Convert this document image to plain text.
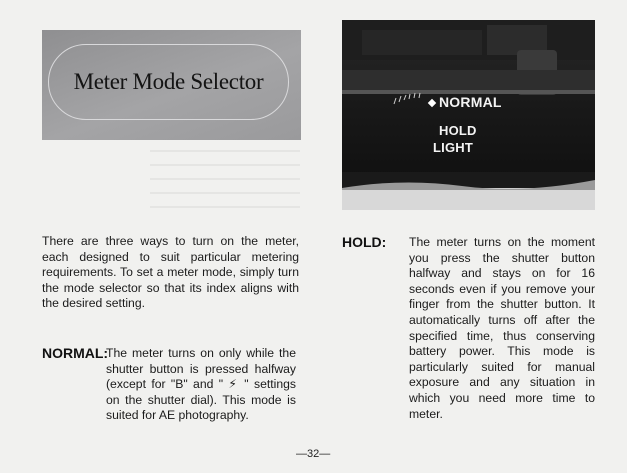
Meter Mode Selector
NORMAL
HOLD
LIGHT
There are three ways to turn on the meter, each designed to suit particular metering requirements. To set a meter mode, simply turn the mode selector so that its index aligns with the desired setting.
NORMAL:
The meter turns on only while the shutter button is pressed halfway (except for "B" and " ⚡ " settings on the shutter dial). This mode is suited for AE photography.
HOLD: The meter turns on the moment you press the shutter button halfway and stays on for 16 seconds even if you remove your finger from the shutter button. It automatically turns off after the specified time, thus conserving battery power. This mode is particularly suited for manual exposure and any situation in which you need more time to meter.
—32—
